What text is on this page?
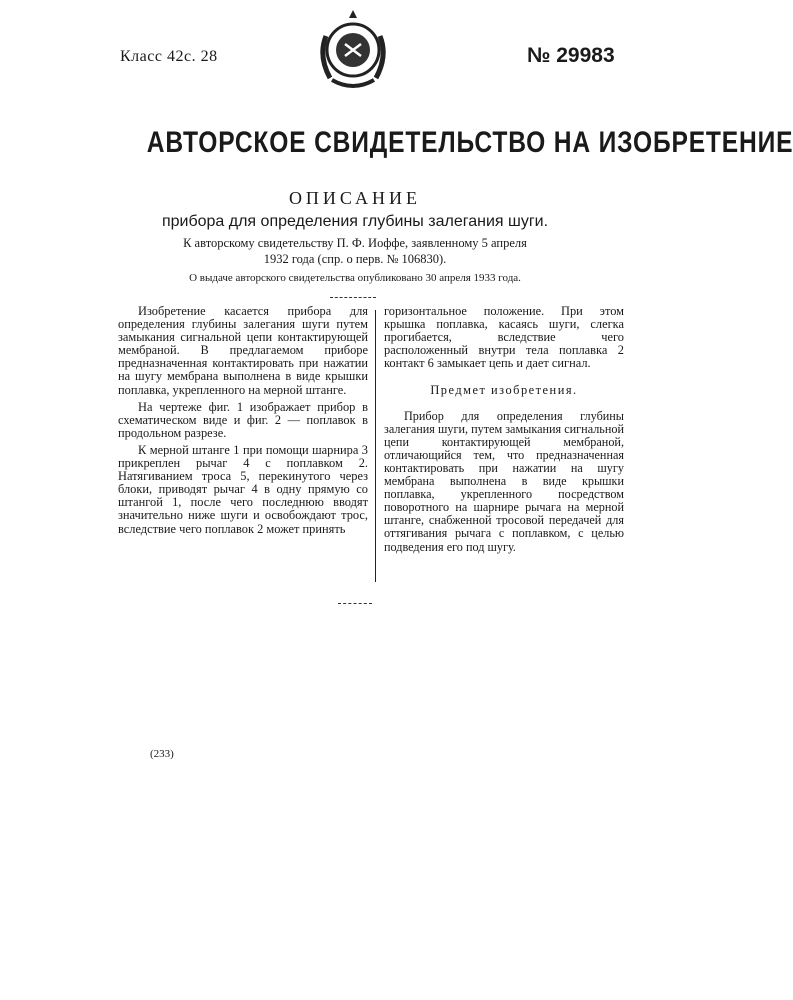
Класс 42с. 28	№ 29983
АВТОРСКОЕ СВИДЕТЕЛЬСТВО НА ИЗОБРЕТЕНИЕ
ОПИСАНИЕ
прибора для определения глубины залегания шуги.
К авторскому свидетельству П. Ф. Иоффе, заявленному 5 апреля
1932 года (спр. о перв. № 106830).
О выдаче авторского свидетельства опубликовано 30 апреля 1933 года.

Изобретение касается прибора для определения глубины залегания шуги путем замыкания сигнальной цепи контактирующей мембраной. В предлагаемом приборе предназначенная контактировать при нажатии на шугу мембрана выполнена в виде крышки поплавка, укрепленного на мерной штанге.

На чертеже фиг. 1 изображает прибор в схематическом виде и фиг. 2 — поплавок в продольном разрезе.

К мерной штанге 1 при помощи шарнира 3 прикреплен рычаг 4 с поплавком 2. Натягиванием троса 5, перекинутого через блоки, приводят рычаг 4 в одну прямую со штангой 1, после чего последнюю вводят значительно ниже шуги и освобождают трос, вследствие чего поплавок 2 может принять

горизонтальное положение. При этом крышка поплавка, касаясь шуги, слегка прогибается, вследствие чего расположенный внутри тела поплавка 2 контакт 6 замыкает цепь и дает сигнал.

Предмет изобретения.

Прибор для определения глубины залегания шуги, путем замыкания сигнальной цепи контактирующей мембраной, отличающийся тем, что предназначенная контактировать при нажатии на шугу мембрана выполнена в виде крышки поплавка, укрепленного посредством поворотного на шарнире рычага на мерной штанге, снабженной тросовой передачей для оттягивания рычага с поплавком, с целью подведения его под шугу.

(233)
